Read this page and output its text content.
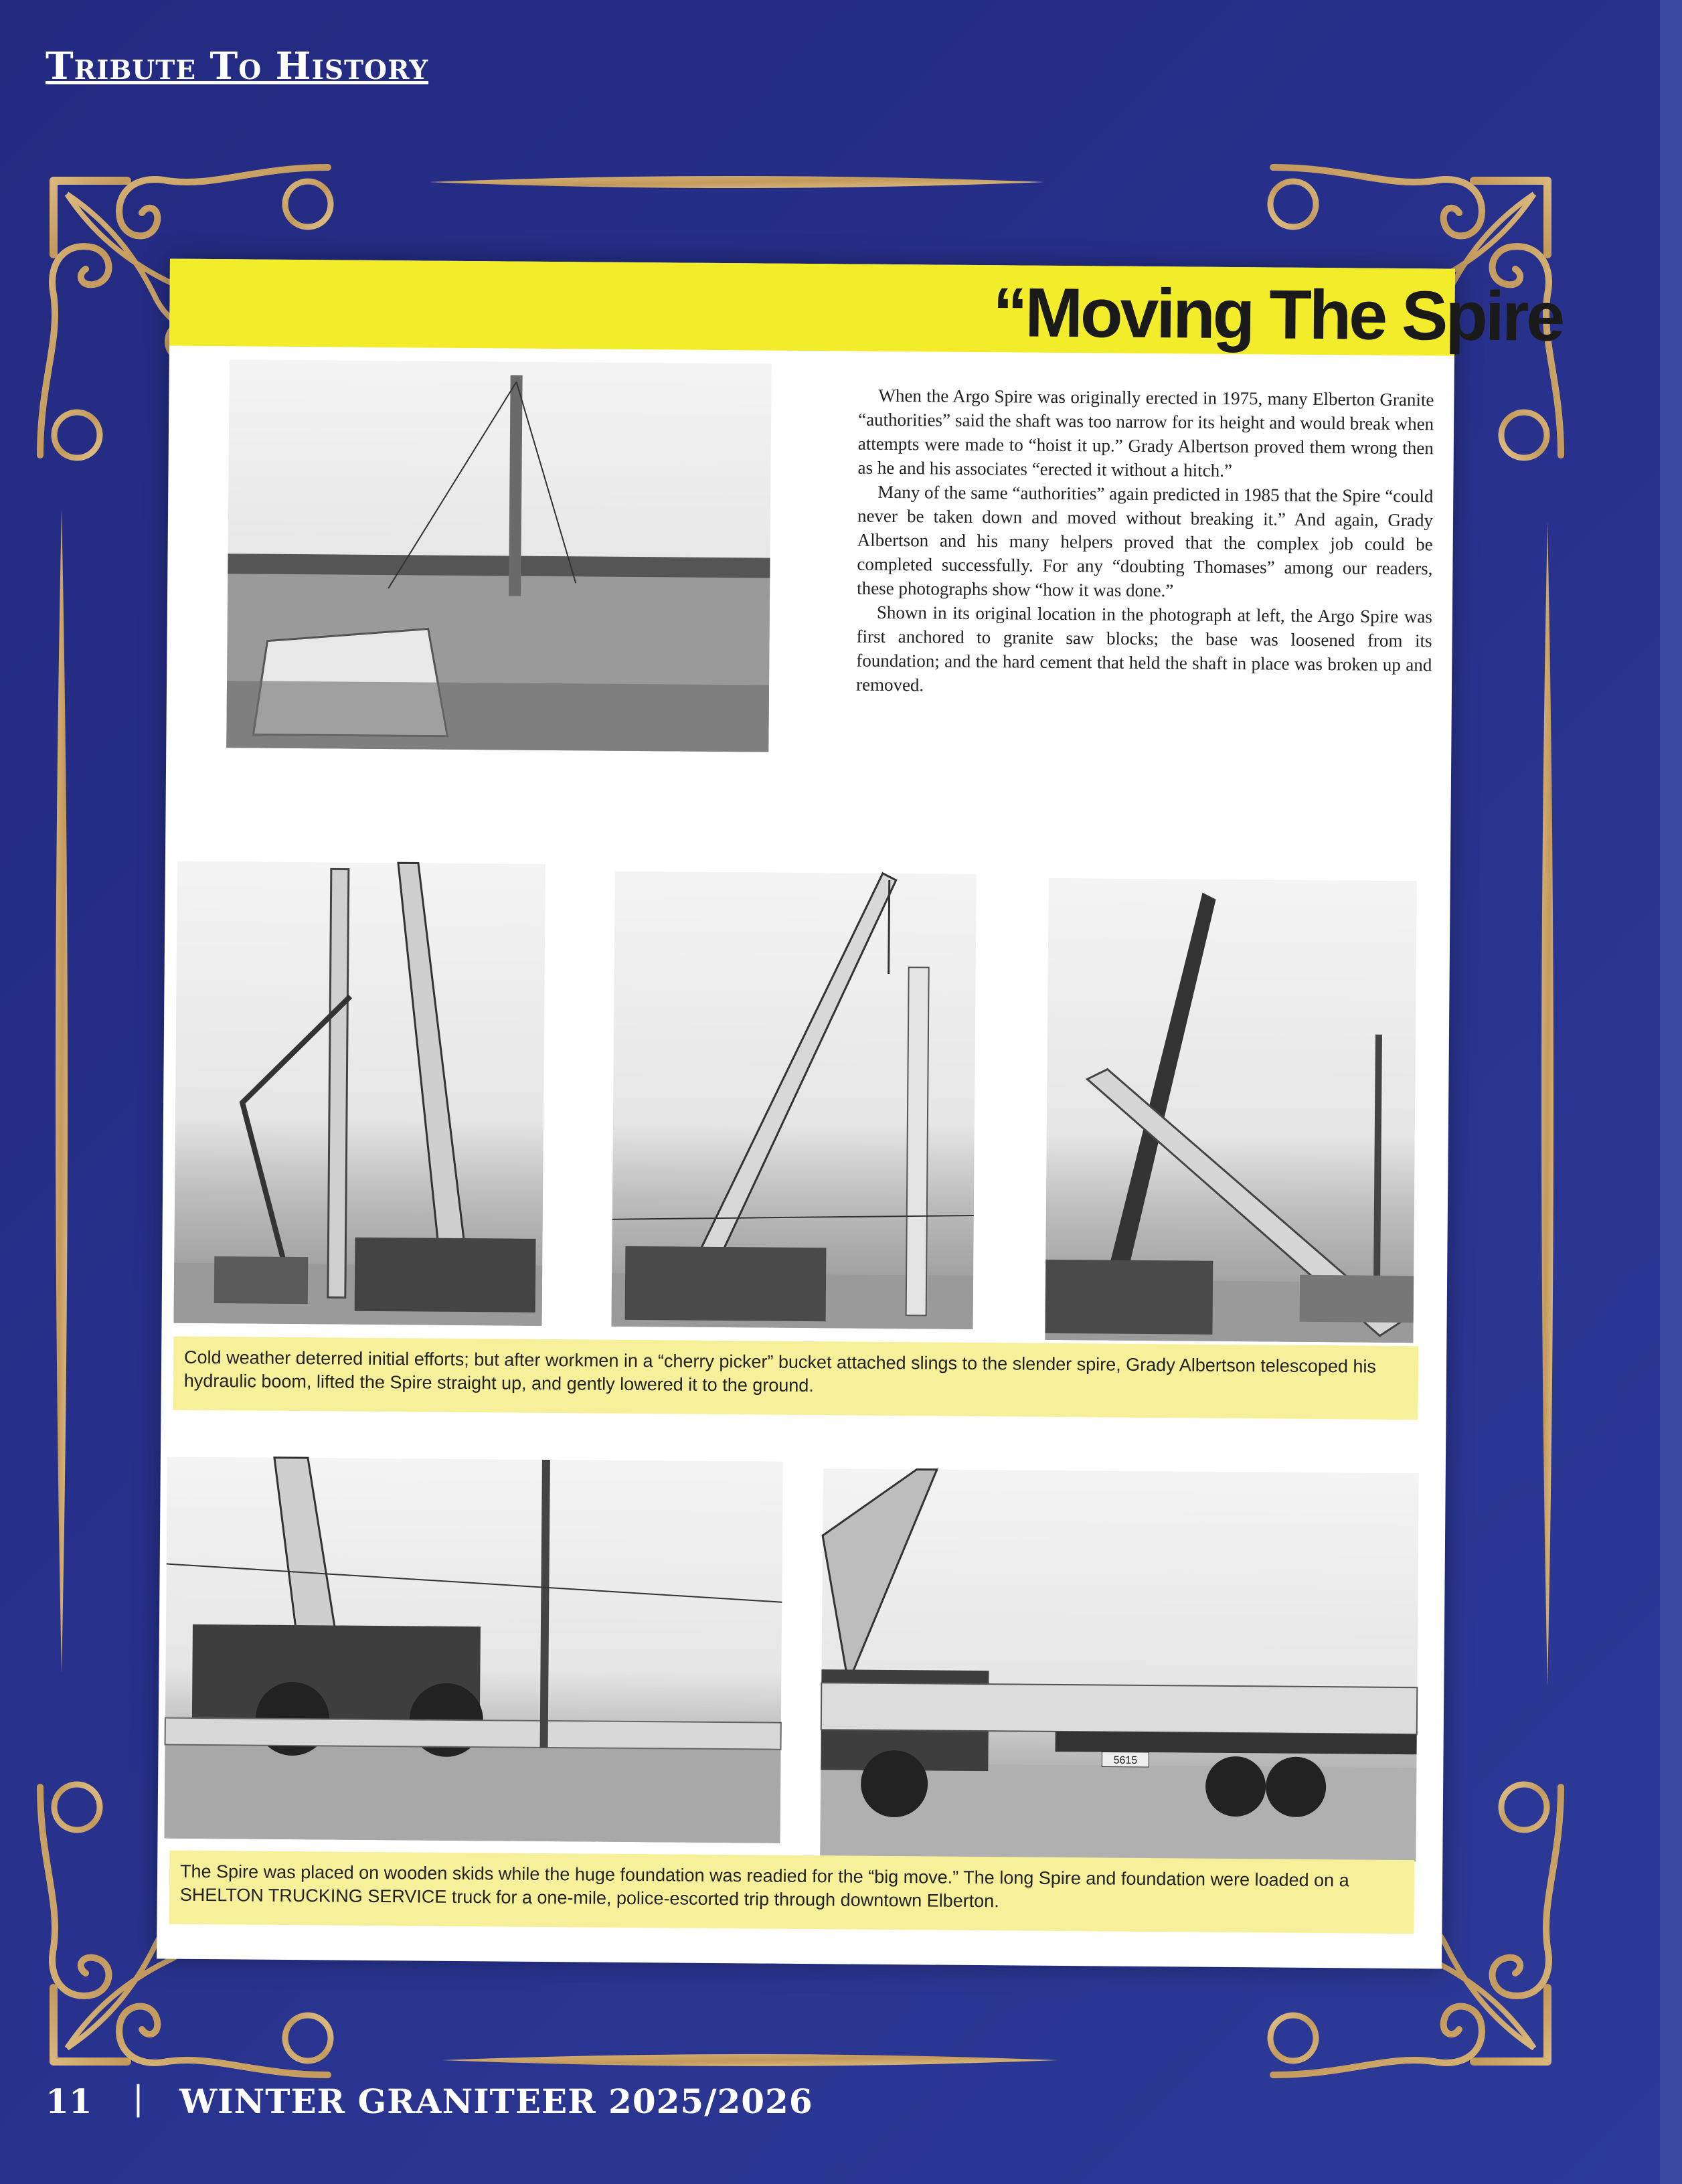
Tribute To History
“Moving The Spire

When the Argo Spire was originally erected in 1975, many Elberton Granite “authorities” said the shaft was too narrow for its height and would break when attempts were made to “hoist it up.” Grady Albertson proved them wrong then as he and his associates “erected it without a hitch.”

Many of the same “authorities” again predicted in 1985 that the Spire “could never be taken down and moved without breaking it.” And again, Grady Albertson and his many helpers proved that the complex job could be completed successfully. For any “doubting Thomases” among our readers, these photographs show “how it was done.”

Shown in its original location in the photograph at left, the Argo Spire was first anchored to granite saw blocks; the base was loosened from its foundation; and the hard cement that held the shaft in place was broken up and removed.

Cold weather deterred initial efforts; but after workmen in a “cherry picker” bucket attached slings to the slender spire, Grady Albertson telescoped his hydraulic boom, lifted the Spire straight up, and gently lowered it to the ground.
5615
The Spire was placed on wooden skids while the huge foundation was readied for the “big move.” The long Spire and foundation were loaded on a SHELTON TRUCKING SERVICE truck for a one-mile, police-escorted trip through downtown Elberton.
11 | WINTER GRANITEER 2025/2026
